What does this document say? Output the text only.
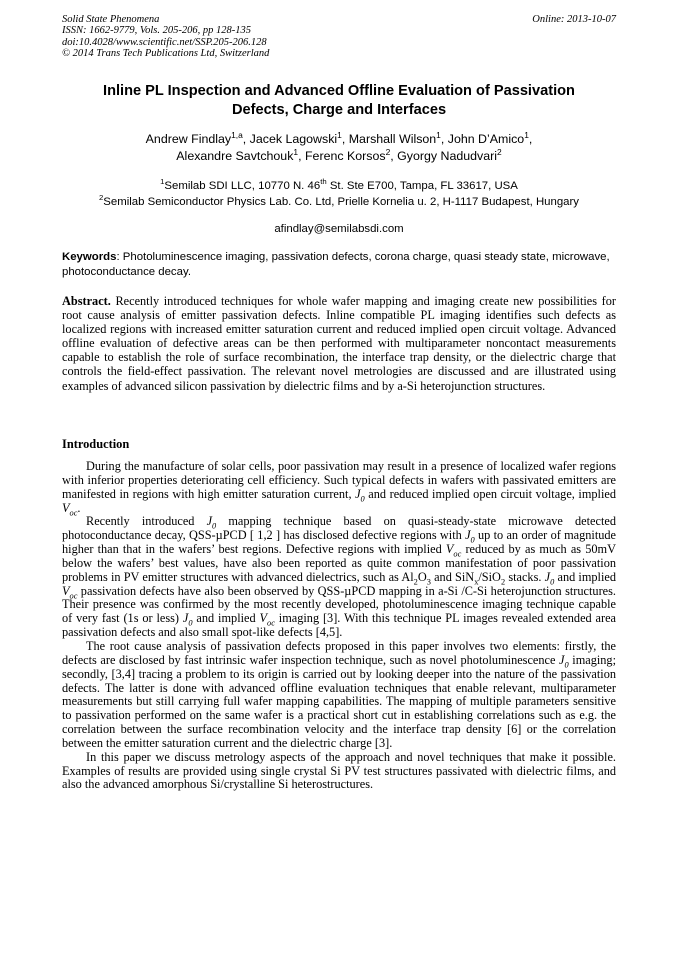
Solid State Phenomena
ISSN: 1662-9779, Vols. 205-206, pp 128-135
doi:10.4028/www.scientific.net/SSP.205-206.128
© 2014 Trans Tech Publications Ltd, Switzerland
Online: 2013-10-07
Inline PL Inspection and Advanced Offline Evaluation of Passivation
Defects, Charge and Interfaces
Andrew Findlay$^{1,a}$, Jacek Lagowski$^1$, Marshall Wilson$^1$, John D’Amico$^1$,
Alexandre Savtchouk$^1$, Ferenc Korsos$^2$, Gyorgy Nadudvari$^2$
$^1$Semilab SDI LLC, 10770 N. 46th St. Ste E700, Tampa, FL 33617, USA
$^2$Semilab Semiconductor Physics Lab. Co. Ltd, Prielle Kornelia u. 2, H-1117 Budapest, Hungary
afindlay@semilabsdi.com
Keywords: Photoluminescence imaging, passivation defects, corona charge, quasi steady state, microwave, photoconductance decay.
Abstract. Recently introduced techniques for whole wafer mapping and imaging create new possibilities for root cause analysis of emitter passivation defects. Inline compatible PL imaging identifies such defects as localized regions with increased emitter saturation current and reduced implied open circuit voltage. Advanced offline evaluation of defective areas can be then performed with multiparameter noncontact measurements capable to establish the role of surface recombination, the interface trap density, or the dielectric charge that controls the field-effect passivation. The relevant novel metrologies are discussed and are illustrated using examples of advanced silicon passivation by dielectric films and by a-Si heterojunction structures.
Introduction

During the manufacture of solar cells, poor passivation may result in a presence of localized wafer regions with inferior properties deteriorating cell efficiency. Such typical defects in wafers with passivated emitters are manifested in regions with high emitter saturation current, $J_0$ and reduced implied open circuit voltage, implied $V_{oc}$.

Recently introduced $J_0$ mapping technique based on quasi-steady-state microwave detected photoconductance decay, QSS-µPCD [ 1,2 ] has disclosed defective regions with $J_0$ up to an order of magnitude higher than that in the wafers’ best regions. Defective regions with implied $V_{oc}$ reduced by as much as 50mV below the wafers’ best values, have also been reported as quite common manifestation of poor passivation problems in PV emitter structures with advanced dielectrics, such as $Al_2O_3$ and SiN$_x$/SiO$_2$ stacks. $J_0$ and implied $V_{oc}$ passivation defects have also been observed by QSS-µPCD mapping in a-Si /C-Si heterojunction structures. Their presence was confirmed by the most recently developed, photoluminescence imaging technique capable of very fast (1s or less) $J_0$ and implied $V_{oc}$ imaging [3]. With this technique PL images revealed extended area passivation defects and also small spot-like defects [4,5].

The root cause analysis of passivation defects proposed in this paper involves two elements: firstly, the defects are disclosed by fast intrinsic wafer inspection technique, such as novel photoluminescence $J_0$ imaging; secondly, [3,4] tracing a problem to its origin is carried out by looking deeper into the nature of the passivation defects. The latter is done with advanced offline evaluation techniques that enable relevant, multiparameter measurements but still carrying full wafer mapping capabilities. The mapping of multiple parameters sensitive to passivation performed on the same wafer is a practical short cut in establishing correlations such as e.g. the correlation between the surface recombination velocity and the interface trap density [6] or the correlation between the emitter saturation current and the dielectric charge [3].

In this paper we discuss metrology aspects of the approach and novel techniques that make it possible. Examples of results are provided using single crystal Si PV test structures passivated with dielectric films, and also the advanced amorphous Si/crystalline Si heterostructures.
